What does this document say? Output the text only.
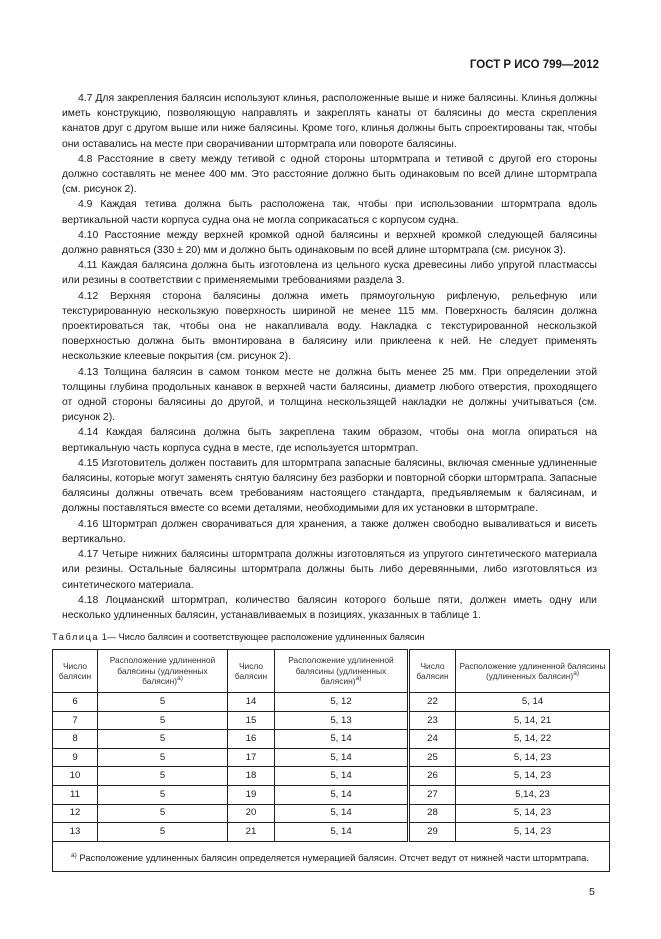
ГОСТ Р ИСО 799—2012

4.7 Для закрепления балясин используют клинья, расположенные выше и ниже балясины. Клинья должны иметь конструкцию, позволяющую направлять и закреплять канаты от балясины до места скрепления канатов друг с другом выше или ниже балясины. Кроме того, клинья должны быть спроектированы так, чтобы они оставались на месте при сворачивании штормтрапа или повороте балясины.

4.8 Расстояние в свету между тетивой с одной стороны штормтрапа и тетивой с другой его стороны должно составлять не менее 400 мм. Это расстояние должно быть одинаковым по всей длине штормтрапа (см. рисунок 2).

4.9 Каждая тетива должна быть расположена так, чтобы при использовании штормтрапа вдоль вертикальной части корпуса судна она не могла соприкасаться с корпусом судна.

4.10 Расстояние между верхней кромкой одной балясины и верхней кромкой следующей балясины должно равняться (330 ± 20) мм и должно быть одинаковым по всей длине штормтрапа (см. рисунок 3).

4.11 Каждая балясина должна быть изготовлена из цельного куска древесины либо упругой пластмассы или резины в соответствии с применяемыми требованиями раздела 3.

4.12 Верхняя сторона балясины должна иметь прямоугольную рифленую, рельефную или текстурированную нескользкую поверхность шириной не менее 115 мм. Поверхность балясин должна проектироваться так, чтобы она не накапливала воду. Накладка с текстурированной нескользкой поверхностью должна быть вмонтирована в балясину или приклеена к ней. Не следует применять нескользкие клеевые покрытия (см. рисунок 2).

4.13 Толщина балясин в самом тонком месте не должна быть менее 25 мм. При определении этой толщины глубина продольных канавок в верхней части балясины, диаметр любого отверстия, проходящего от одной стороны балясины до другой, и толщина нескользящей накладки не должны учитываться (см. рисунок 2).

4.14 Каждая балясина должна быть закреплена таким образом, чтобы она могла опираться на вертикальную часть корпуса судна в месте, где используется штормтрап.

4.15 Изготовитель должен поставить для штормтрапа запасные балясины, включая сменные удлиненные балясины, которые могут заменять снятую балясину без разборки и повторной сборки штормтрапа. Запасные балясины должны отвечать всем требованиям настоящего стандарта, предъявляемым к балясинам, и должны поставляться вместе со всеми деталями, необходимыми для их установки в штормтрапе.

4.16 Штормтрап должен сворачиваться для хранения, а также должен свободно вываливаться и висеть вертикально.

4.17 Четыре нижних балясины штормтрапа должны изготовляться из упругого синтетического материала или резины. Остальные балясины штормтрапа должны быть либо деревянными, либо изготовляться из синтетического материала.

4.18 Лоцманский штормтрап, количество балясин которого больше пяти, должен иметь одну или несколько удлиненных балясин, устанавливаемых в позициях, указанных в таблице 1.

Таблица 1— Число балясин и соответствующее расположение удлиненных балясин
Число балясин	Расположение удлиненной балясины (удлиненных балясин)$^{а)}$	Число балясин	Расположение удлиненной балясины (удлиненных балясин)$^{а)}$	Число балясин	Расположение удлиненной балясины (удлиненных балясин)$^{а)}$
6	5	14	5, 12	22	5, 14
7	5	15	5, 13	23	5, 14, 21
8	5	16	5, 14	24	5, 14, 22
9	5	17	5, 14	25	5, 14, 23
10	5	18	5, 14	26	5, 14, 23
11	5	19	5, 14	27	5,14, 23
12	5	20	5, 14	28	5, 14, 23
13	5	21	5, 14	29	5, 14, 23
$^{а)}$ Расположение удлиненных балясин определяется нумерацией балясин. Отсчет ведут от нижней части штормтрапа.					
5
